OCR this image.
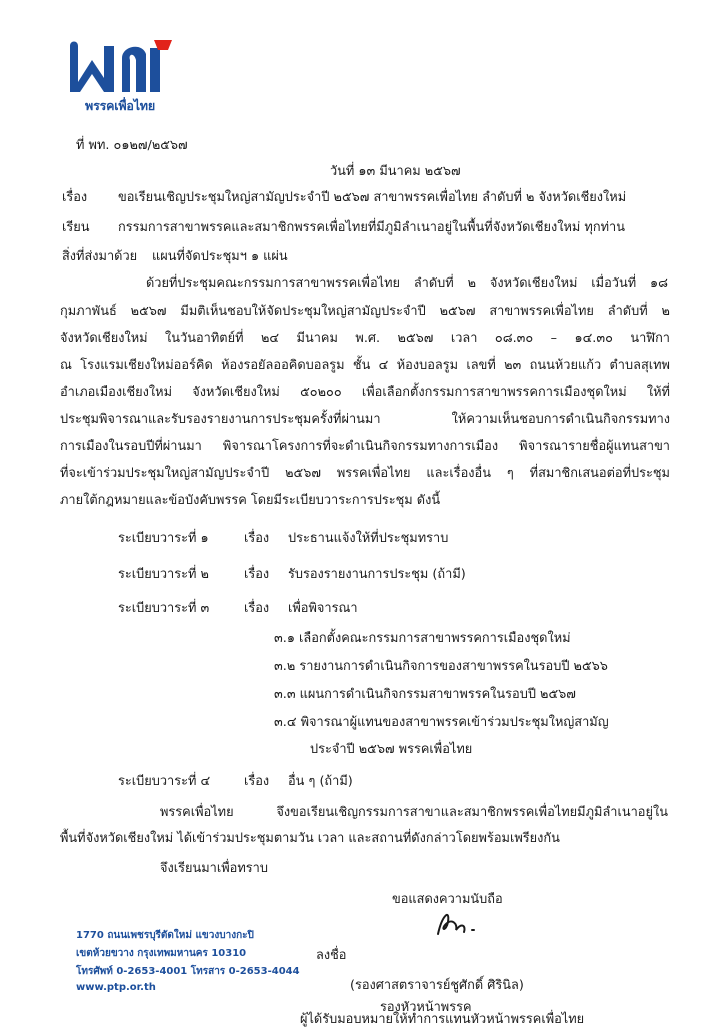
พรรคเพื่อไทย
ที่ พท. ๐๑๒๗/๒๕๖๗
วันที่ ๑๓ มีนาคม ๒๕๖๗
เรื่อง ขอเรียนเชิญประชุมใหญ่สามัญประจำปี ๒๕๖๗ สาขาพรรคเพื่อไทย ลำดับที่ ๒ จังหวัดเชียงใหม่
เรียน กรรมการสาขาพรรคและสมาชิกพรรคเพื่อไทยที่มีภูมิลำเนาอยู่ในพื้นที่จังหวัดเชียงใหม่ ทุกท่าน
สิ่งที่ส่งมาด้วย แผนที่จัดประชุมฯ ๑ แผ่น
ด้วยที่ประชุมคณะกรรมการสาขาพรรคเพื่อไทย ลำดับที่ ๒ จังหวัดเชียงใหม่ เมื่อวันที่ ๑๘
กุมภาพันธ์ ๒๕๖๗ มีมติเห็นชอบให้จัดประชุมใหญ่สามัญประจำปี ๒๕๖๗ สาขาพรรคเพื่อไทย ลำดับที่ ๒
จังหวัดเชียงใหม่ ในวันอาทิตย์ที่ ๒๔ มีนาคม พ.ศ. ๒๕๖๗ เวลา ๐๘.๓๐ – ๑๔.๓๐ นาฬิกา
ณ โรงแรมเชียงใหม่ออร์คิด ห้องรอยัลออคิดบอลรูม ชั้น ๔ ห้องบอลรูม เลขที่ ๒๓ ถนนห้วยแก้ว ตำบลสุเทพ
อำเภอเมืองเชียงใหม่ จังหวัดเชียงใหม่ ๕๐๒๐๐ เพื่อเลือกตั้งกรรมการสาขาพรรคการเมืองชุดใหม่ ให้ที่
ประชุมพิจารณาและรับรองรายงานการประชุมครั้งที่ผ่านมา ให้ความเห็นชอบการดำเนินกิจกรรมทาง
การเมืองในรอบปีที่ผ่านมา พิจารณาโครงการที่จะดำเนินกิจกรรมทางการเมือง พิจารณารายชื่อผู้แทนสาขา
ที่จะเข้าร่วมประชุมใหญ่สามัญประจำปี ๒๕๖๗ พรรคเพื่อไทย และเรื่องอื่น ๆ ที่สมาชิกเสนอต่อที่ประชุม
ภายใต้กฎหมายและข้อบังคับพรรค โดยมีระเบียบวาระการประชุม ดังนี้
ระเบียบวาระที่ ๑	เรื่อง ประธานแจ้งให้ที่ประชุมทราบ
ระเบียบวาระที่ ๒	เรื่อง รับรองรายงานการประชุม (ถ้ามี)
ระเบียบวาระที่ ๓	เรื่อง เพื่อพิจารณา
๓.๑ เลือกตั้งคณะกรรมการสาขาพรรคการเมืองชุดใหม่
๓.๒ รายงานการดำเนินกิจการของสาขาพรรคในรอบปี ๒๕๖๖
๓.๓ แผนการดำเนินกิจกรรมสาขาพรรคในรอบปี ๒๕๖๗
๓.๔ พิจารณาผู้แทนของสาขาพรรคเข้าร่วมประชุมใหญ่สามัญ
ประจำปี ๒๕๖๗ พรรคเพื่อไทย
ระเบียบวาระที่ ๔	เรื่อง อื่น ๆ (ถ้ามี)
พรรคเพื่อไทย จึงขอเรียนเชิญกรรมการสาขาและสมาชิกพรรคเพื่อไทยมีภูมิลำเนาอยู่ใน
พื้นที่จังหวัดเชียงใหม่ ได้เข้าร่วมประชุมตามวัน เวลา และสถานที่ดังกล่าวโดยพร้อมเพรียงกัน
จึงเรียนมาเพื่อทราบ
ขอแสดงความนับถือ
ลงชื่อ
(รองศาสตราจารย์ชูศักดิ์ ศิรินิล)
รองหัวหน้าพรรค
ผู้ได้รับมอบหมายให้ทำการแทนหัวหน้าพรรคเพื่อไทย
1770 ถนนเพชรบุรีตัดใหม่ แขวงบางกะปิ
เขตห้วยขวาง กรุงเทพมหานคร 10310
โทรศัพท์ 0-2653-4001 โทรสาร 0-2653-4044
www.ptp.or.th
